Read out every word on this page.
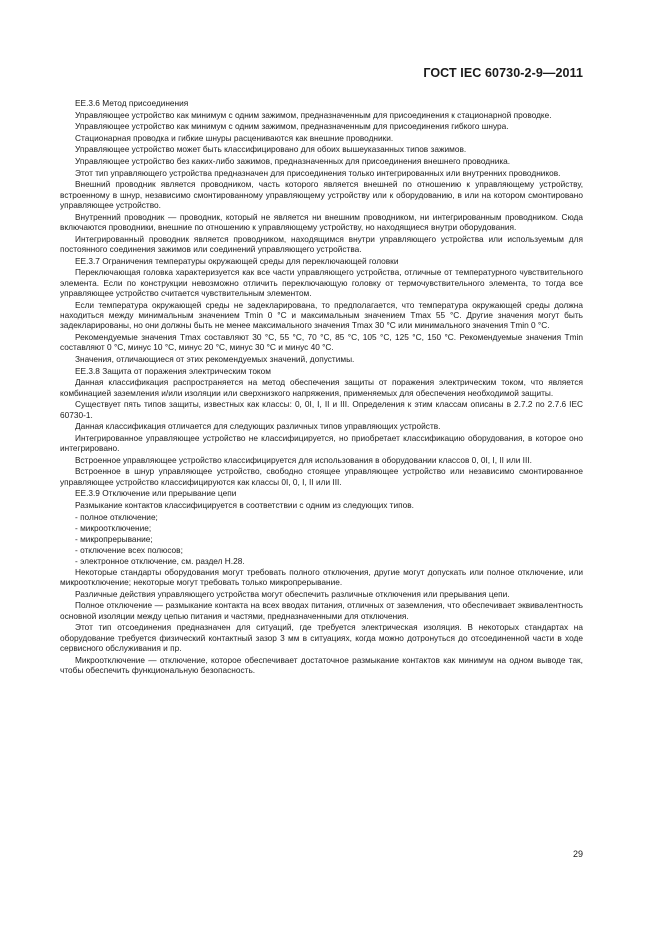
ГОСТ IEC 60730-2-9—2011
ЕЕ.3.6 Метод присоединения
Управляющее устройство как минимум с одним зажимом, предназначенным для присоединения к стационарной проводке.
Управляющее устройство как минимум с одним зажимом, предназначенным для присоединения гибкого шнура.
Стационарная проводка и гибкие шнуры расцениваются как внешние проводники.
Управляющее устройство может быть классифицировано для обоих вышеуказанных типов зажимов.
Управляющее устройство без каких-либо зажимов, предназначенных для присоединения внешнего проводника.
Этот тип управляющего устройства предназначен для присоединения только интегрированных или внутренних проводников.
Внешний проводник является проводником, часть которого является внешней по отношению к управляющему устройству, встроенному в шнур, независимо смонтированному управляющему устройству или к оборудованию, в или на котором смонтировано управляющее устройство.
Внутренний проводник — проводник, который не является ни внешним проводником, ни интегрированным проводником. Сюда включаются проводники, внешние по отношению к управляющему устройству, но находящиеся внутри оборудования.
Интегрированный проводник является проводником, находящимся внутри управляющего устройства или используемым для постоянного соединения зажимов или соединений управляющего устройства.
ЕЕ.3.7 Ограничения температуры окружающей среды для переключающей головки
Переключающая головка характеризуется как все части управляющего устройства, отличные от температурного чувствительного элемента. Если по конструкции невозможно отличить переключающую головку от термочувствительного элемента, то тогда все управляющее устройство считается чувствительным элементом.
Если температура окружающей среды не задекларирована, то предполагается, что температура окружающей среды должна находиться между минимальным значением Tmin 0 °С и максимальным значением Tmax 55 °С. Другие значения могут быть задекларированы, но они должны быть не менее максимального значения Tmax 30 °С или минимального значения Tmin 0 °С.
Рекомендуемые значения Tmax составляют 30 °С, 55 °С, 70 °С, 85 °С, 105 °С, 125 °С, 150 °С. Рекомендуемые значения Tmin составляют 0 °С, минус 10 °С, минус 20 °С, минус 30 °С и минус 40 °С.
Значения, отличающиеся от этих рекомендуемых значений, допустимы.
ЕЕ.3.8 Защита от поражения электрическим током
Данная классификация распространяется на метод обеспечения защиты от поражения электрическим током, что является комбинацией заземления и/или изоляции или сверхнизкого напряжения, применяемых для обеспечения необходимой защиты.
Существует пять типов защиты, известных как классы: 0, 0I, I, II и III. Определения к этим классам описаны в 2.7.2 по 2.7.6 IEC 60730-1.
Данная классификация отличается для следующих различных типов управляющих устройств.
Интегрированное управляющее устройство не классифицируется, но приобретает классификацию оборудования, в которое оно интегрировано.
Встроенное управляющее устройство классифицируется для использования в оборудовании классов 0, 0I, I, II или III.
Встроенное в шнур управляющее устройство, свободно стоящее управляющее устройство или независимо смонтированное управляющее устройство классифицируются как классы 0I, 0, I, II или III.
ЕЕ.3.9 Отключение или прерывание цепи
Размыкание контактов классифицируется в соответствии с одним из следующих типов.
- полное отключение;
- микроотключение;
- микропрерывание;
- отключение всех полюсов;
- электронное отключение, см. раздел Н.28.
Некоторые стандарты оборудования могут требовать полного отключения, другие могут допускать или полное отключение, или микроотключение; некоторые могут требовать только микропрерывание.
Различные действия управляющего устройства могут обеспечить различные отключения или прерывания цепи.
Полное отключение — размыкание контакта на всех вводах питания, отличных от заземления, что обеспечивает эквивалентность основной изоляции между цепью питания и частями, предназначенными для отключения.
Этот тип отсоединения предназначен для ситуаций, где требуется электрическая изоляция. В некоторых стандартах на оборудование требуется физический контактный зазор 3 мм в ситуациях, когда можно дотронуться до отсоединенной части в ходе сервисного обслуживания и пр.
Микроотключение — отключение, которое обеспечивает достаточное размыкание контактов как минимум на одном выводе так, чтобы обеспечить функциональную безопасность.
29
